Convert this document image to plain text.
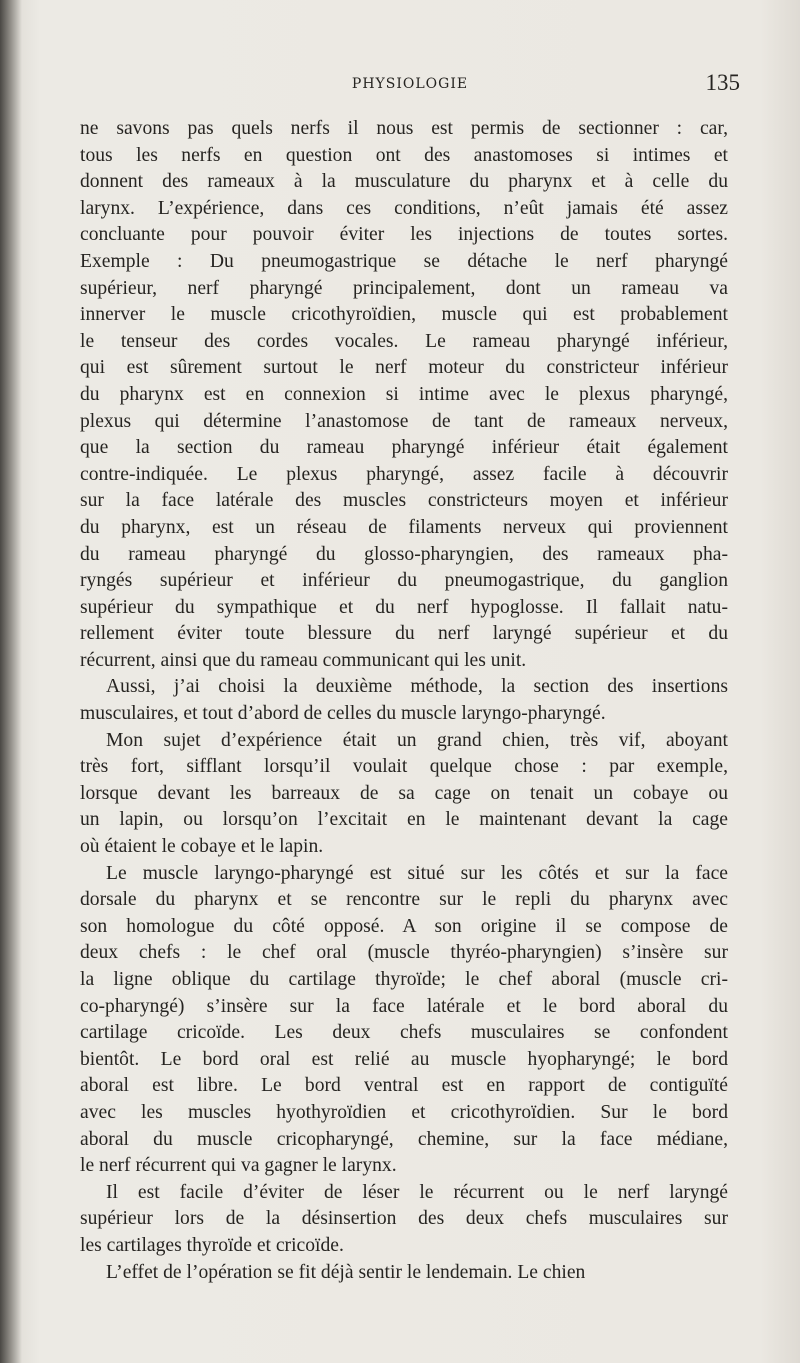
PHYSIOLOGIE	135
ne savons pas quels nerfs il nous est permis de sectionner : car,
tous les nerfs en question ont des anastomoses si intimes et
donnent des rameaux à la musculature du pharynx et à celle du
larynx. L’expérience, dans ces conditions, n’eût jamais été assez
concluante pour pouvoir éviter les injections de toutes sortes.
Exemple : Du pneumogastrique se détache le nerf pharyngé
supérieur, nerf pharyngé principalement, dont un rameau va
innerver le muscle cricothyroïdien, muscle qui est probablement
le tenseur des cordes vocales. Le rameau pharyngé inférieur,
qui est sûrement surtout le nerf moteur du constricteur inférieur
du pharynx est en connexion si intime avec le plexus pharyngé,
plexus qui détermine l’anastomose de tant de rameaux nerveux,
que la section du rameau pharyngé inférieur était également
contre-indiquée. Le plexus pharyngé, assez facile à découvrir
sur la face latérale des muscles constricteurs moyen et inférieur
du pharynx, est un réseau de filaments nerveux qui proviennent
du rameau pharyngé du glosso-pharyngien, des rameaux pha-
ryngés supérieur et inférieur du pneumogastrique, du ganglion
supérieur du sympathique et du nerf hypoglosse. Il fallait natu-
rellement éviter toute blessure du nerf laryngé supérieur et du
récurrent, ainsi que du rameau communicant qui les unit.
Aussi, j’ai choisi la deuxième méthode, la section des insertions
musculaires, et tout d’abord de celles du muscle laryngo-pharyngé.
Mon sujet d’expérience était un grand chien, très vif, aboyant
très fort, sifflant lorsqu’il voulait quelque chose : par exemple,
lorsque devant les barreaux de sa cage on tenait un cobaye ou
un lapin, ou lorsqu’on l’excitait en le maintenant devant la cage
où étaient le cobaye et le lapin.
Le muscle laryngo-pharyngé est situé sur les côtés et sur la face
dorsale du pharynx et se rencontre sur le repli du pharynx avec
son homologue du côté opposé. A son origine il se compose de
deux chefs : le chef oral (muscle thyréo-pharyngien) s’insère sur
la ligne oblique du cartilage thyroïde; le chef aboral (muscle cri-
co-pharyngé) s’insère sur la face latérale et le bord aboral du
cartilage cricoïde. Les deux chefs musculaires se confondent
bientôt. Le bord oral est relié au muscle hyopharyngé; le bord
aboral est libre. Le bord ventral est en rapport de contiguïté
avec les muscles hyothyroïdien et cricothyroïdien. Sur le bord
aboral du muscle cricopharyngé, chemine, sur la face médiane,
le nerf récurrent qui va gagner le larynx.
Il est facile d’éviter de léser le récurrent ou le nerf laryngé
supérieur lors de la désinsertion des deux chefs musculaires sur
les cartilages thyroïde et cricoïde.
L’effet de l’opération se fit déjà sentir le lendemain. Le chien
